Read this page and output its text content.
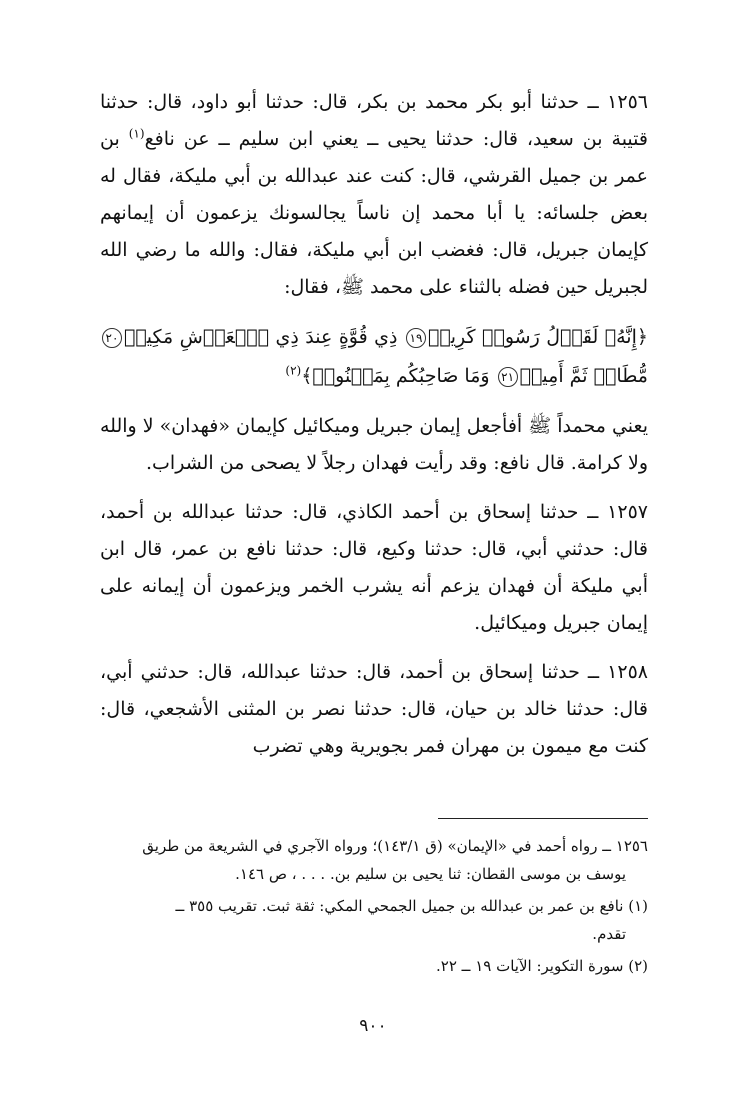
١٢٥٦ ــ حدثنا أبو بكر محمد بن بكر، قال: حدثنا أبو داود، قال: حدثنا قتيبة بن سعيد، قال: حدثنا يحيى ــ يعني ابن سليم ــ عن نافع$^{(١)}$ بن عمر بن جميل القرشي، قال: كنت عند عبدالله بن أبي مليكة، فقال له بعض جلسائه: يا أبا محمد إن ناساً يجالسونك يزعمون أن إيمانهم كإيمان جبريل، قال: فغضب ابن أبي مليكة، فقال: والله ما رضي الله لجبريل حين فضله بالثناء على محمد ﷺ، فقال:

﴿إِنَّهُۥ لَقَوۡلُ رَسُولٖ كَرِيمٖ١٩ ذِي قُوَّةٍ عِندَ ذِي ٱلۡعَرۡشِ مَكِينٖ٢٠ مُّطَاعٖ ثَمَّ أَمِينٖ٢١ وَمَا صَاحِبُكُم بِمَجۡنُونٖ﴾$^{(٢)}$

يعني محمداً ﷺ أفأجعل إيمان جبريل وميكائيل كإيمان «فهدان» لا والله ولا كرامة. قال نافع: وقد رأيت فهدان رجلاً لا يصحى من الشراب.

١٢٥٧ ــ حدثنا إسحاق بن أحمد الكاذي، قال: حدثنا عبدالله بن أحمد، قال: حدثني أبي، قال: حدثنا وكيع، قال: حدثنا نافع بن عمر، قال ابن أبي مليكة أن فهدان يزعم أنه يشرب الخمر ويزعمون أن إيمانه على إيمان جبريل وميكائيل.

١٢٥٨ ــ حدثنا إسحاق بن أحمد، قال: حدثنا عبدالله، قال: حدثني أبي، قال: حدثنا خالد بن حيان، قال: حدثنا نصر بن المثنى الأشجعي، قال: كنت مع ميمون بن مهران فمر بجويرية وهي تضرب

١٢٥٦ ــ رواه أحمد في «الإيمان» (ق ١٤٣/١)؛ ورواه الآجري في الشريعة من طريق
يوسف بن موسى القطان: ثنا يحيى بن سليم بن. . . . ، ص ١٤٦.

(١) نافع بن عمر بن عبدالله بن جميل الجمحي المكي: ثقة ثبت. تقريب ٣٥٥ ــ
تقدم.

(٢) سورة التكوير: الآيات ١٩ ــ ٢٢.

٩٠٠
